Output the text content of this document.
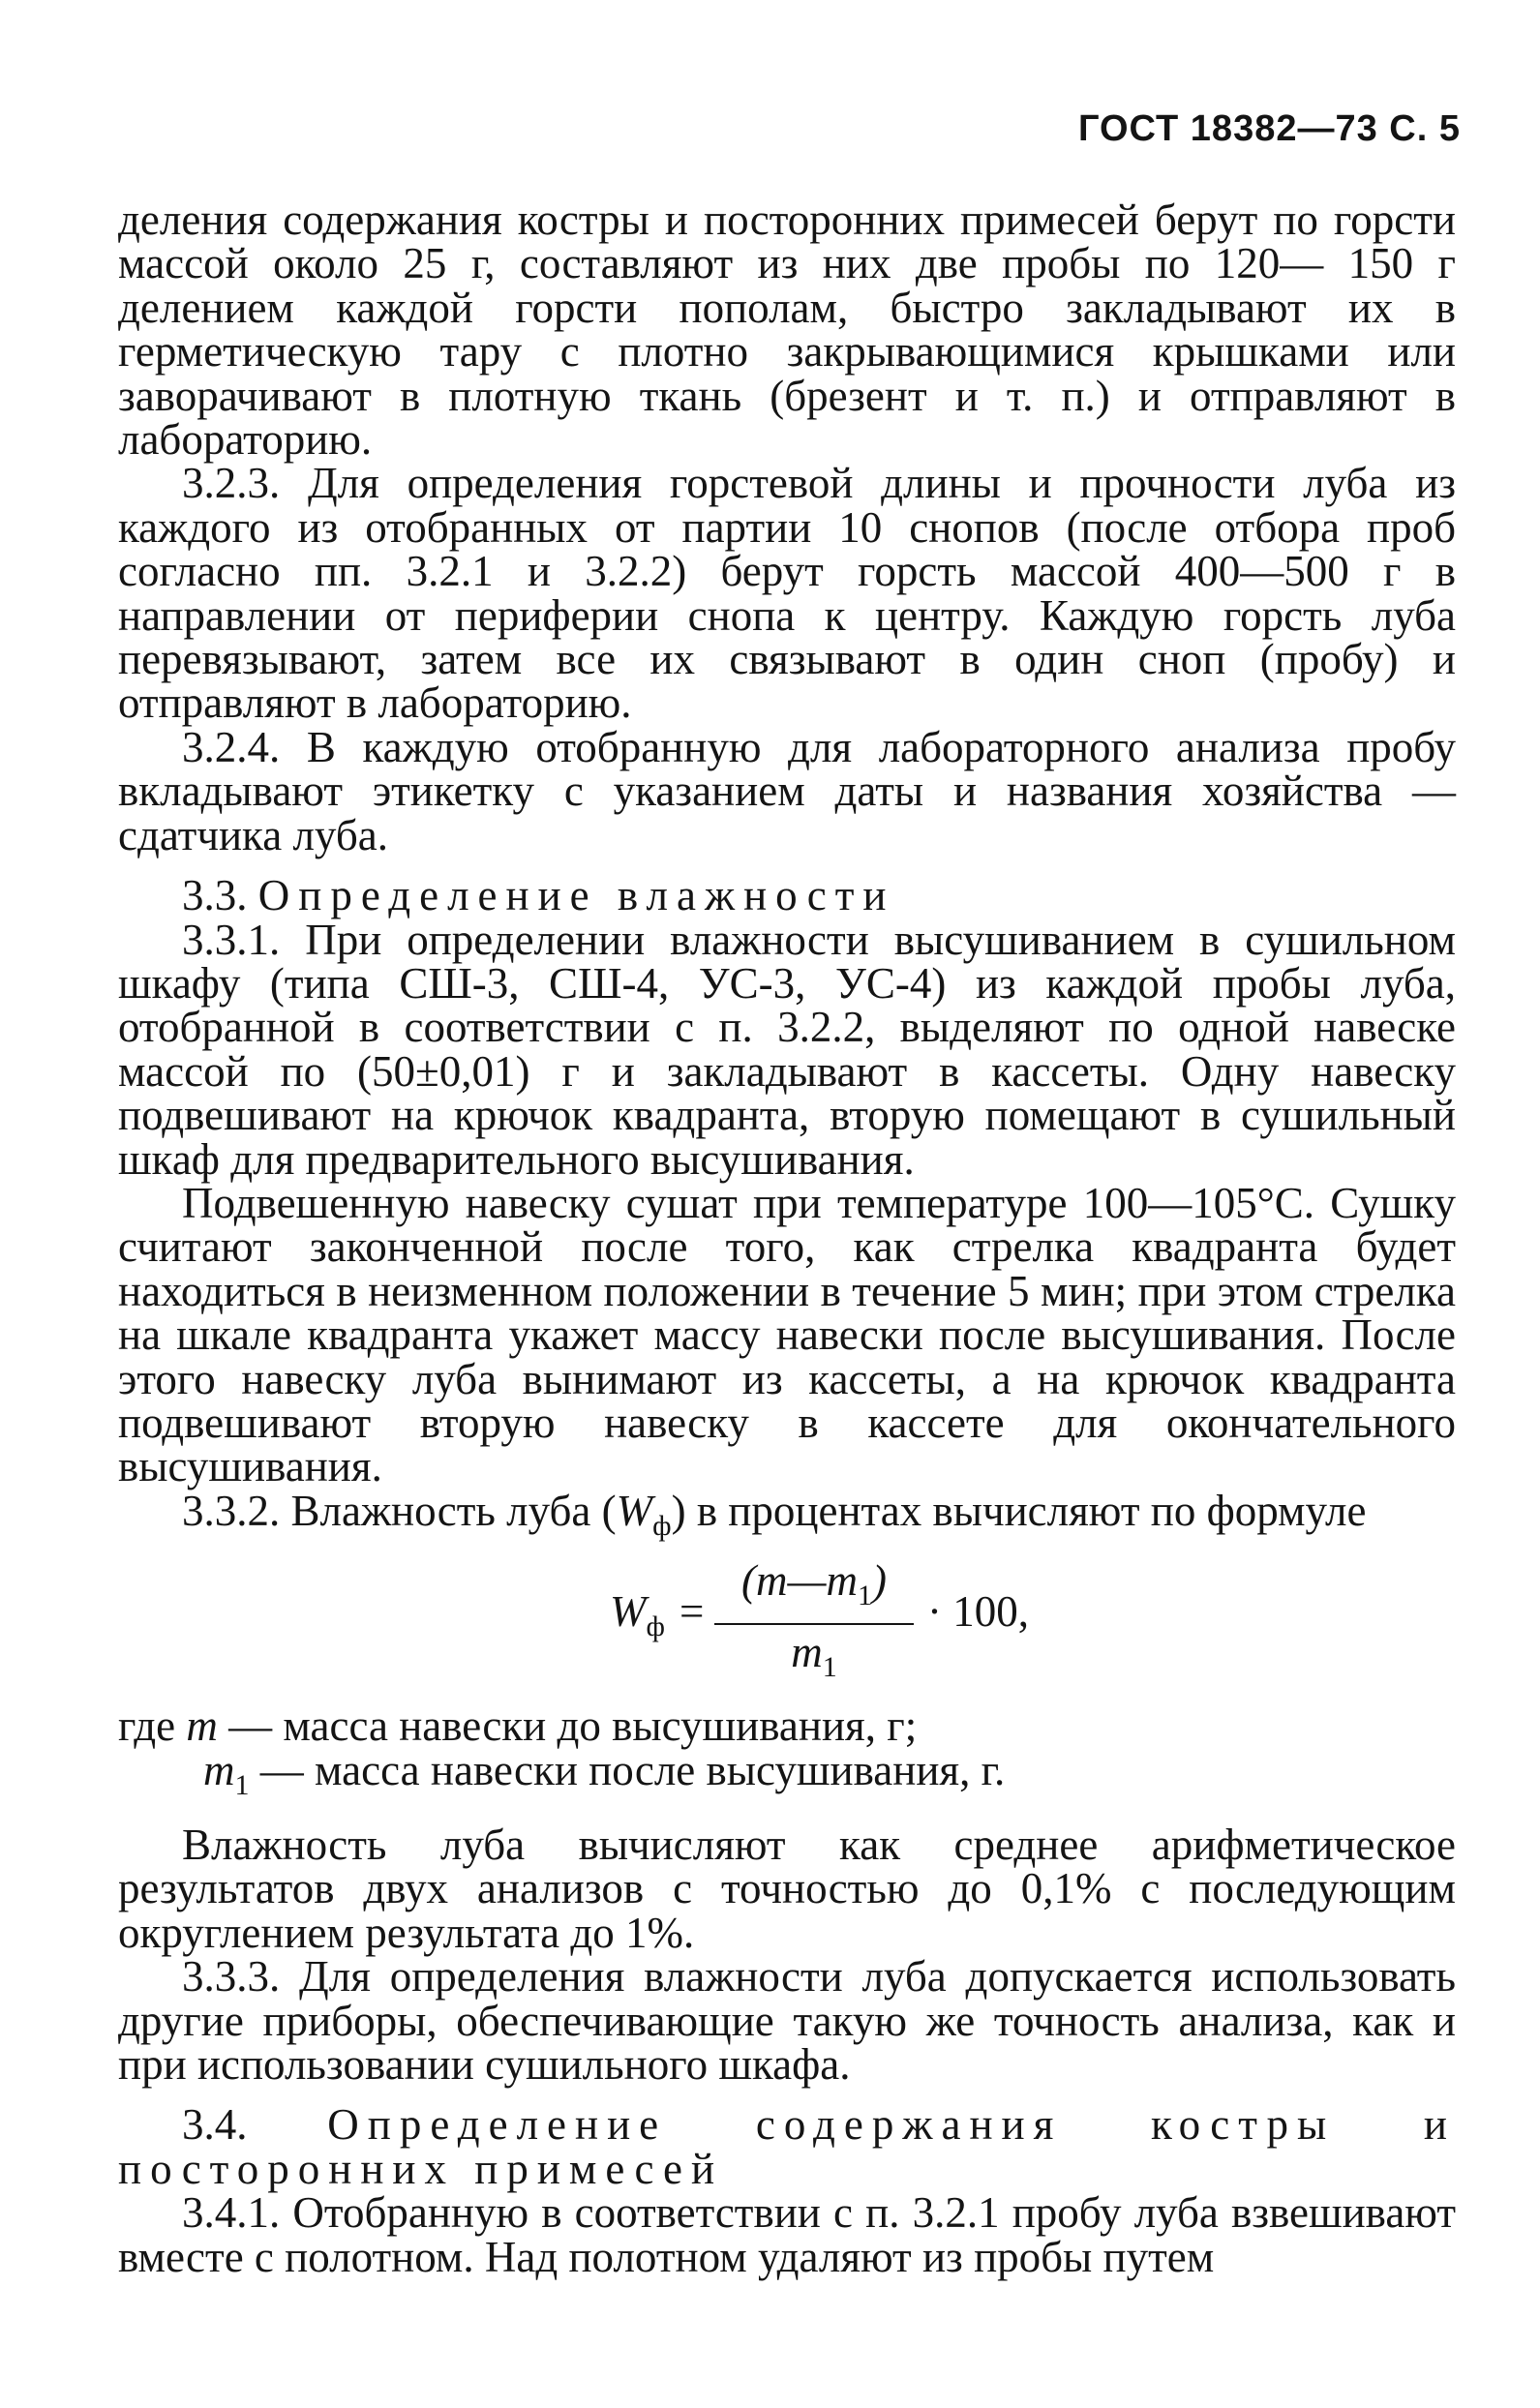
ГОСТ 18382—73 С. 5

деления содержания костры и посторонних примесей берут по горсти массой около 25 г, составляют из них две пробы по 120— 150 г делением каждой горсти пополам, быстро закладывают их в герметическую тару с плотно закрывающимися крышками или заворачивают в плотную ткань (брезент и т. п.) и отправляют в лабораторию.

3.2.3. Для определения горстевой длины и прочности луба из каждого из отобранных от партии 10 снопов (после отбора проб согласно пп. 3.2.1 и 3.2.2) берут горсть массой 400—500 г в направлении от периферии снопа к центру. Каждую горсть луба перевязывают, затем все их связывают в один сноп (пробу) и отправляют в лабораторию.

3.2.4. В каждую отобранную для лабораторного анализа пробу вкладывают этикетку с указанием даты и названия хозяйства — сдатчика луба.

3.3. Определение влажности

3.3.1. При определении влажности высушиванием в сушильном шкафу (типа СШ-3, СШ-4, УС-3, УС-4) из каждой пробы луба, отобранной в соответствии с п. 3.2.2, выделяют по одной навеске массой по (50±0,01) г и закладывают в кассеты. Одну навеску подвешивают на крючок квадранта, вторую помещают в сушильный шкаф для предварительного высушивания.

Подвешенную навеску сушат при температуре 100—105°С. Сушку считают законченной после того, как стрелка квадранта будет находиться в неизменном положении в течение 5 мин; при этом стрелка на шкале квадранта укажет массу навески после высушивания. После этого навеску луба вынимают из кассеты, а на крючок квадранта подвешивают вторую навеску в кассете для окончательного высушивания.

3.3.2. Влажность луба $(W_ф)$ в процентах вычисляют по формуле

$W_ф$ =
$(m—m_1)$
$m_1$
· 100,

где m — масса навески до высушивания, г;

$m_1$ — масса навески после высушивания, г.

Влажность луба вычисляют как среднее арифметическое результатов двух анализов с точностью до 0,1% с последующим округлением результата до 1%.

3.3.3. Для определения влажности луба допускается использовать другие приборы, обеспечивающие такую же точность анализа, как и при использовании сушильного шкафа.

3.4. Определение содержания костры и посторонних примесей

3.4.1. Отобранную в соответствии с п. 3.2.1 пробу луба взвешивают вместе с полотном. Над полотном удаляют из пробы путем
